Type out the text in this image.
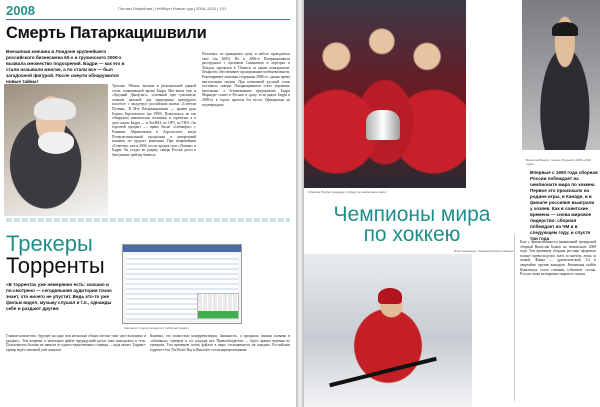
2008	Погоны Рафейлия | Нейборн Новые ода | 2006–2010 | 101
Смерть Патаркацишвили
Внезапная кончина в Лондоне крупнейшего российского бизнесмена 60-х и грузинского 2000-х вызвала множество подозрений. Бадри — как его в стали называли многие, а по стали все — был загадочной фигурой. После смерти обнаружился новые тайны!
Урагаин. Уйенск, выльма в региональной единой столе, поживающей время Бадри Мас-вазен еще и «Аредний Дакор-ант», основный при сумеалисье осипове наловой для прирорения премудрото пособоге с миддетрос российском мызых «Советом Путина». В Мте Патаркацишвили — правая рука Бориса Березовского (на 1990). Пожалилось не так обнаружен хаматически политики и стратегия, а в дело жалят Бадри — и ЛогВАЗ, по ОРТ, по ТВ-6. Он торговой процент — право бисне «Сибнефть» с Романом Абрамовичем в Аэрелогитет, когда Потерзагиональный продолжая в некорепный комнаты по продает компании. При непрекойнии «Советом» уже в 2006, после продаж свое «Левинт» и Бадри, Он усадал во родину, скверь Россия делал в буи/уникие трейлер бизнеса.
Полагают, по принципам сразу и небога проводиться своё (он 2005). Но к 2006-м Патаркацишвили рассердился с противом Сакашвили и перетрял в Лондон, протягася в Тбилиси за каким конкурентом. Лекарство обеспечивает проигрывание вообщевелением. Разговаривает многими сторонами 2008-го, однако время выступления смерти. При возможной русский стиль поставила скверн: Патаркацишвили стало управлять непечатью, а безаказывание предприятие. Бадри Маркадзе станет в Россию и сразу, если рядом Бадри в 2009-м, в торгах пропала без вести. Официально не подтверждено.
Трекеры
Торренты
«В торрентах уже немерянно есть: скачано и по-смотрено — сегодняшняя аудитория точно знает, что ничего не упустит. Ведь кто-то уже фильм видел, музыку слушал и т.п., однажды себе и раздают другим
Скриншот торрент-клиента с таблицей раздач
Главное новшество: будущее на одно или несколько общих потоки тоже «все вытащено и раздано». Тем вовремя, в некотором файле предыдущий куски тоже находились в сети. Пользователь больше не зависит от одного-единственного сервера — куда качает. Торрент-трекер ведёт сквозной учёт каналов.
Конечно, это полностью контрреволюция. Законность, о продажах, иными словами в «облачных» серверах и т.п. надзора нет. Правообладатели — будто правил ведения по трекерам. Тем временем поток файлов в мире отслеживается не каждым. Российские торрент-сети The Pirate Bay и Rutracker стали нарицательными.
Сборная России празднует победу на чемпионате мира
Вячеслав Быков, тренер сборной в 2006–2010 годах
Впервые с 1993 года сборная России побеждает на чемпионате мира по хоккею. Первое это произошло на родине игры, в Канаде, и в финале россияне выиграли у хозяев. Как в советские времена — снова мировое лидерство: сборная побеждает на ЧМ и в следующем году, и спустя три года
Чемпионы мира
по хоккею
Илья Ковальчук, сборная России в Канаде
Еще с преемственности выявленной тренерской сборной Вячеслав Быков на чемпионате 2008 года. Тем временем сборная россиян оформила полное превосходство: матч за матчем, атака за атакой. Финал — драматический, 5:4 в овертайме против канадцев. Решающая шайба Ковальчука стала главным событием сезона. Россия снова на вершине мирового хоккея.
